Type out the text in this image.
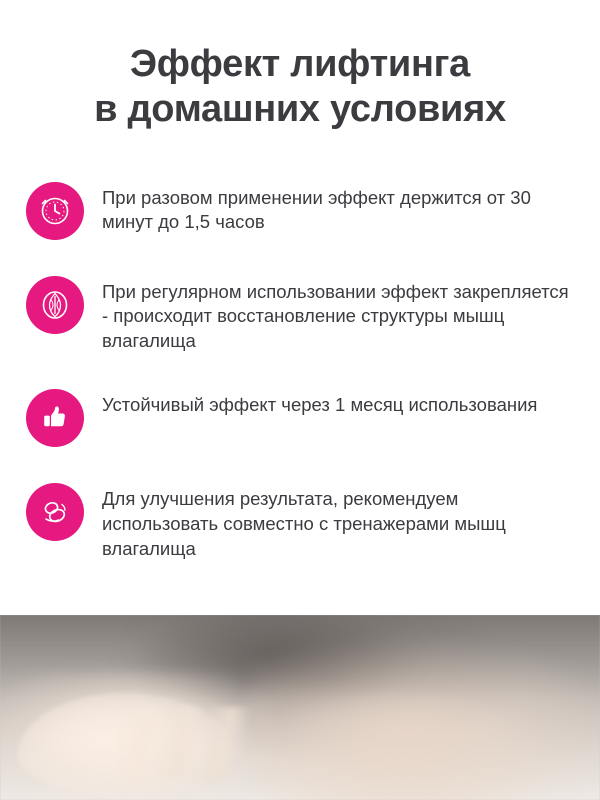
Эффект лифтинга
в домашних условиях
При разовом применении эффект держится от 30 минут до 1,5 часов
При регулярном использовании эффект закрепляется - происходит восстановление структуры мышц влагалища
Устойчивый эффект через 1 месяц использования
Для улучшения результата, рекомендуем использовать совместно с тренажерами мышц влагалища
